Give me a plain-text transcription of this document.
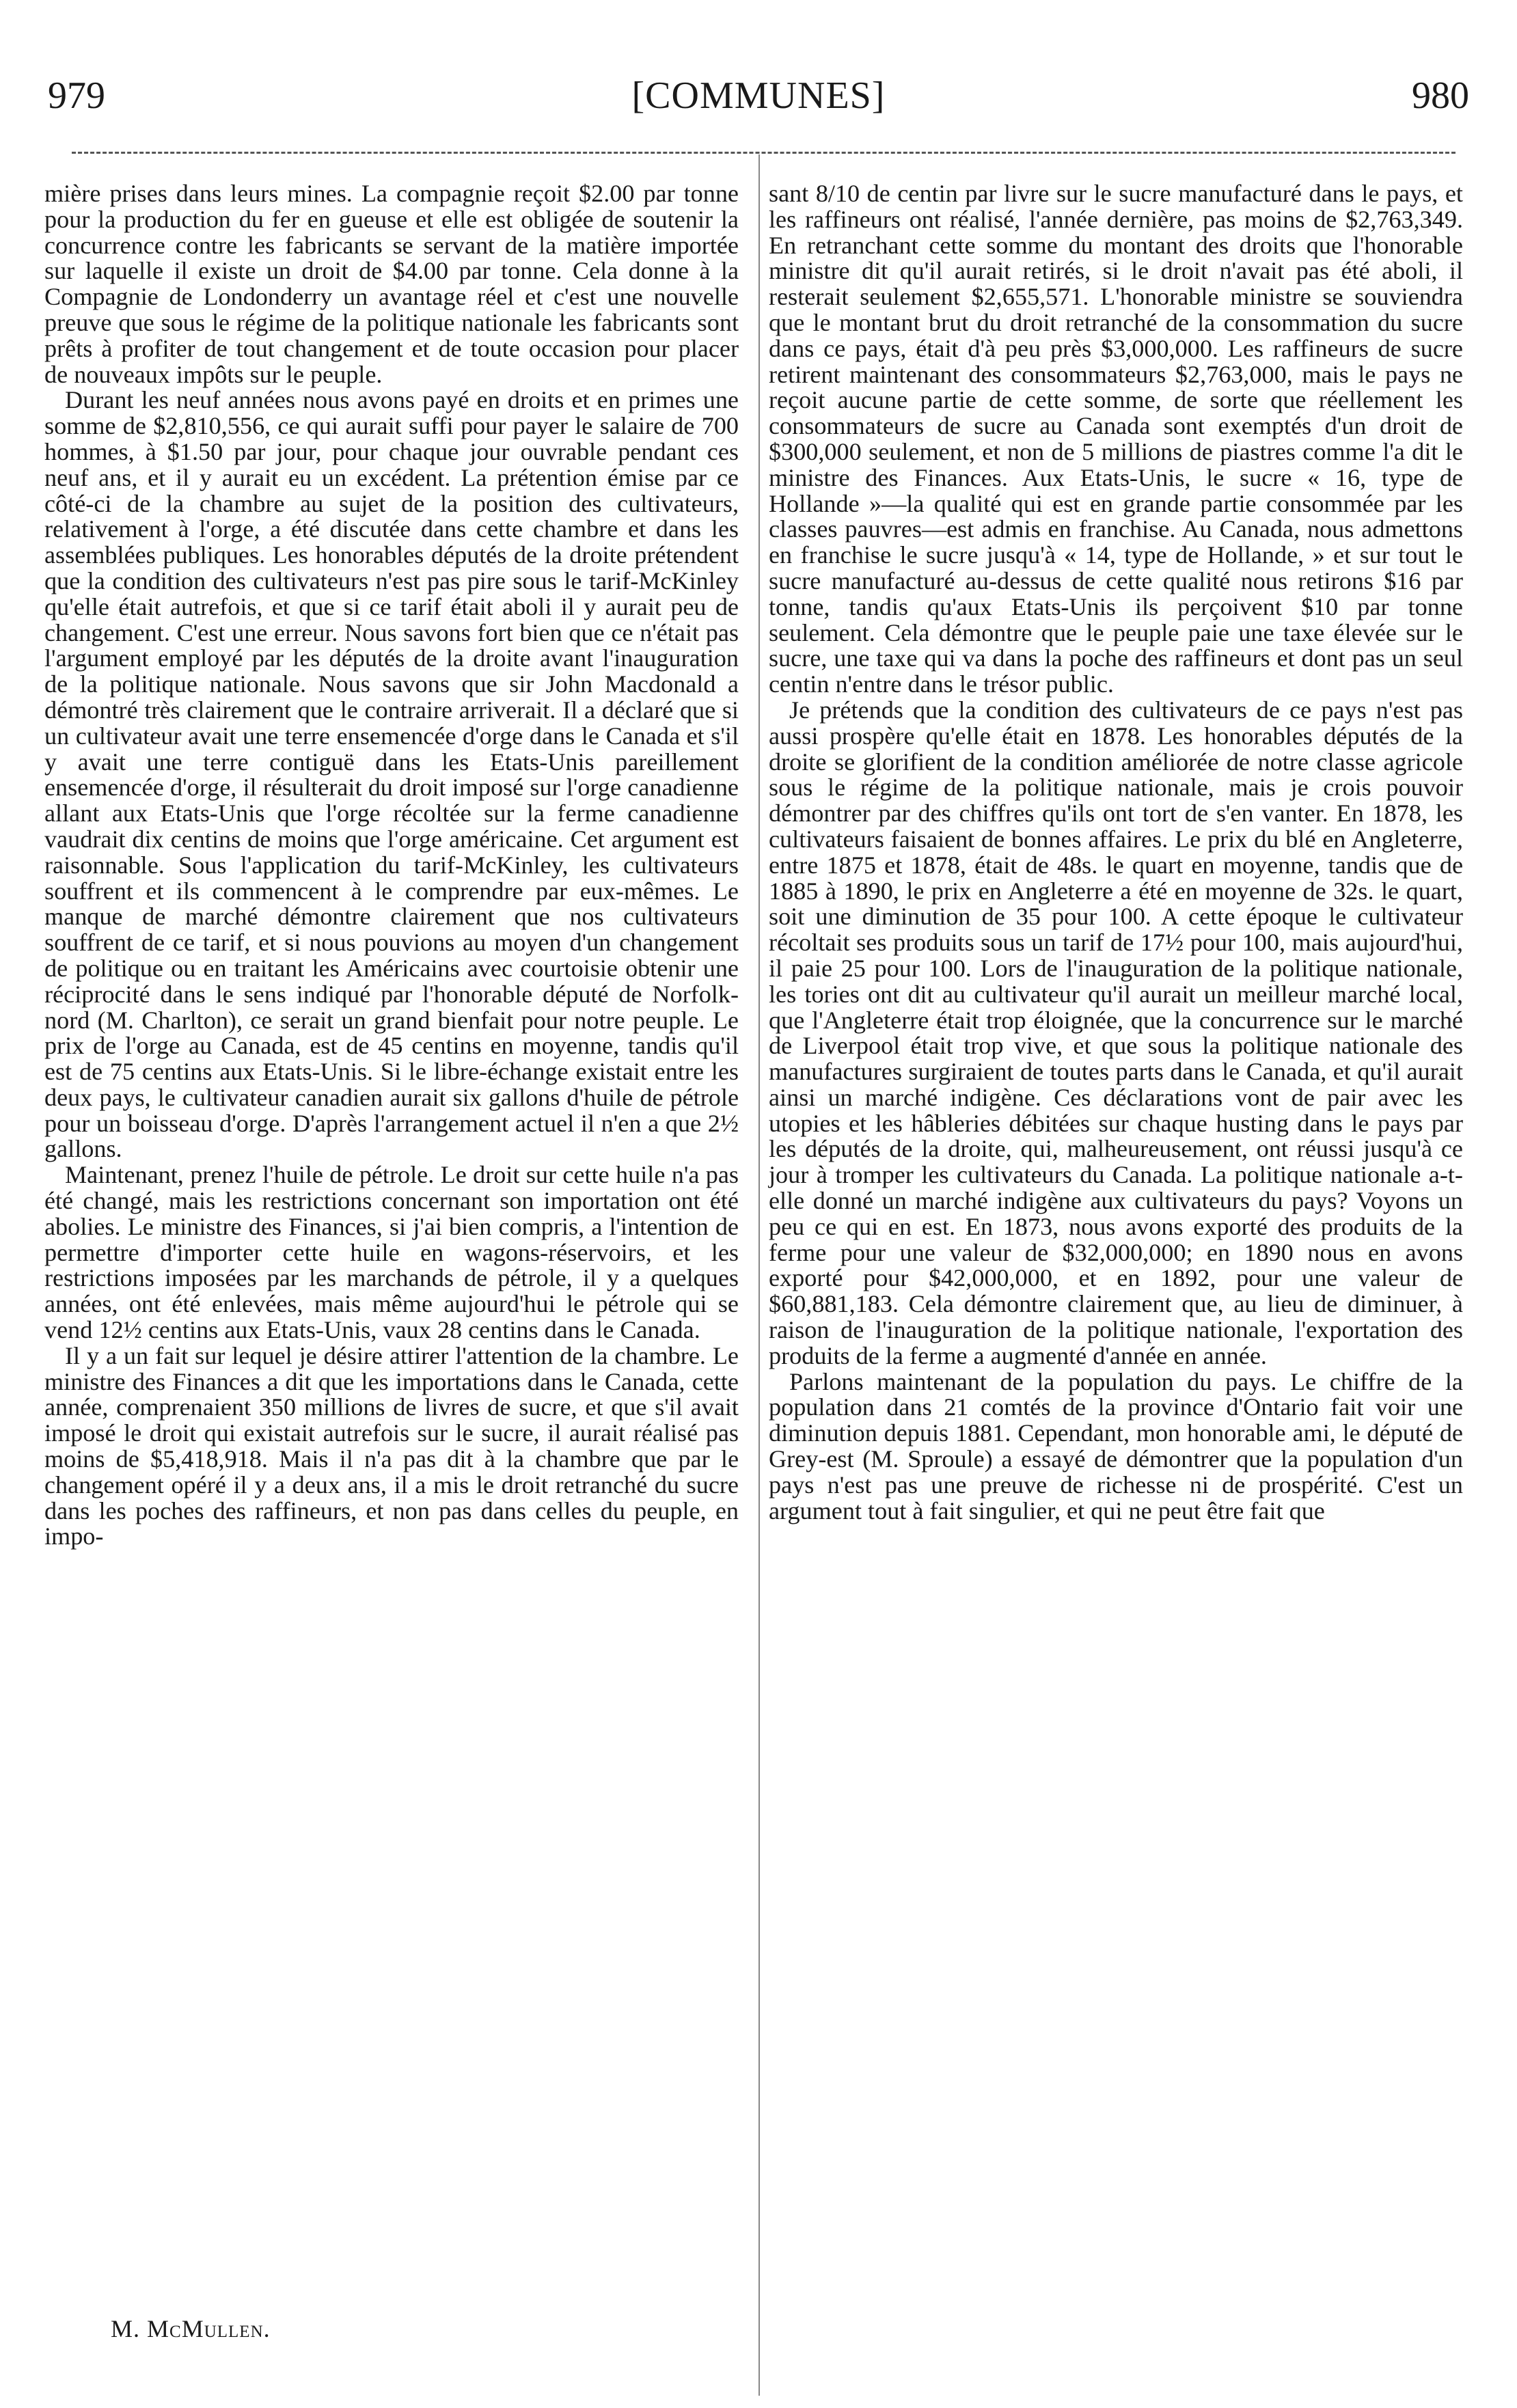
979	[COMMUNES]	980

mière prises dans leurs mines. La compagnie reçoit $2.00 par tonne pour la production du fer en gueuse et elle est obligée de soutenir la concurrence contre les fabricants se servant de la matière importée sur laquelle il existe un droit de $4.00 par tonne. Cela donne à la Compagnie de Londonderry un avantage réel et c'est une nouvelle preuve que sous le régime de la politique nationale les fabricants sont prêts à profiter de tout changement et de toute occasion pour placer de nouveaux impôts sur le peuple.

Durant les neuf années nous avons payé en droits et en primes une somme de $2,810,556, ce qui aurait suffi pour payer le salaire de 700 hommes, à $1.50 par jour, pour chaque jour ouvrable pendant ces neuf ans, et il y aurait eu un excédent. La prétention émise par ce côté-ci de la chambre au sujet de la position des cultivateurs, relativement à l'orge, a été discutée dans cette chambre et dans les assemblées publiques. Les honorables députés de la droite prétendent que la condition des cultivateurs n'est pas pire sous le tarif-McKinley qu'elle était autrefois, et que si ce tarif était aboli il y aurait peu de changement. C'est une erreur. Nous savons fort bien que ce n'était pas l'argument employé par les députés de la droite avant l'inauguration de la politique nationale. Nous savons que sir John Macdonald a démontré très clairement que le contraire arriverait. Il a déclaré que si un cultivateur avait une terre ensemencée d'orge dans le Canada et s'il y avait une terre contiguë dans les Etats-Unis pareillement ensemencée d'orge, il résulterait du droit imposé sur l'orge canadienne allant aux Etats-Unis que l'orge récoltée sur la ferme canadienne vaudrait dix centins de moins que l'orge américaine. Cet argument est raisonnable. Sous l'application du tarif-McKinley, les cultivateurs souffrent et ils commencent à le comprendre par eux-mêmes. Le manque de marché démontre clairement que nos cultivateurs souffrent de ce tarif, et si nous pouvions au moyen d'un changement de politique ou en traitant les Américains avec courtoisie obtenir une réciprocité dans le sens indiqué par l'honorable député de Norfolk-nord (M. Charlton), ce serait un grand bienfait pour notre peuple. Le prix de l'orge au Canada, est de 45 centins en moyenne, tandis qu'il est de 75 centins aux Etats-Unis. Si le libre-échange existait entre les deux pays, le cultivateur canadien aurait six gallons d'huile de pétrole pour un boisseau d'orge. D'après l'arrangement actuel il n'en a que 2½ gallons.

Maintenant, prenez l'huile de pétrole. Le droit sur cette huile n'a pas été changé, mais les restrictions concernant son importation ont été abolies. Le ministre des Finances, si j'ai bien compris, a l'intention de permettre d'importer cette huile en wagons-réservoirs, et les restrictions imposées par les marchands de pétrole, il y a quelques années, ont été enlevées, mais même aujourd'hui le pétrole qui se vend 12½ centins aux Etats-Unis, vaux 28 centins dans le Canada.

Il y a un fait sur lequel je désire attirer l'attention de la chambre. Le ministre des Finances a dit que les importations dans le Canada, cette année, comprenaient 350 millions de livres de sucre, et que s'il avait imposé le droit qui existait autrefois sur le sucre, il aurait réalisé pas moins de $5,418,918. Mais il n'a pas dit à la chambre que par le changement opéré il y a deux ans, il a mis le droit retranché du sucre dans les poches des raffineurs, et non pas dans celles du peuple, en impo-

M. McMullen.

sant 8/10 de centin par livre sur le sucre manufacturé dans le pays, et les raffineurs ont réalisé, l'année dernière, pas moins de $2,763,349. En retranchant cette somme du montant des droits que l'honorable ministre dit qu'il aurait retirés, si le droit n'avait pas été aboli, il resterait seulement $2,655,571. L'honorable ministre se souviendra que le montant brut du droit retranché de la consommation du sucre dans ce pays, était d'à peu près $3,000,000. Les raffineurs de sucre retirent maintenant des consommateurs $2,763,000, mais le pays ne reçoit aucune partie de cette somme, de sorte que réellement les consommateurs de sucre au Canada sont exemptés d'un droit de $300,000 seulement, et non de 5 millions de piastres comme l'a dit le ministre des Finances. Aux Etats-Unis, le sucre « 16, type de Hollande »—la qualité qui est en grande partie consommée par les classes pauvres—est admis en franchise. Au Canada, nous admettons en franchise le sucre jusqu'à « 14, type de Hollande, » et sur tout le sucre manufacturé au-dessus de cette qualité nous retirons $16 par tonne, tandis qu'aux Etats-Unis ils perçoivent $10 par tonne seulement. Cela démontre que le peuple paie une taxe élevée sur le sucre, une taxe qui va dans la poche des raffineurs et dont pas un seul centin n'entre dans le trésor public.

Je prétends que la condition des cultivateurs de ce pays n'est pas aussi prospère qu'elle était en 1878. Les honorables députés de la droite se glorifient de la condition améliorée de notre classe agricole sous le régime de la politique nationale, mais je crois pouvoir démontrer par des chiffres qu'ils ont tort de s'en vanter. En 1878, les cultivateurs faisaient de bonnes affaires. Le prix du blé en Angleterre, entre 1875 et 1878, était de 48s. le quart en moyenne, tandis que de 1885 à 1890, le prix en Angleterre a été en moyenne de 32s. le quart, soit une diminution de 35 pour 100. A cette époque le cultivateur récoltait ses produits sous un tarif de 17½ pour 100, mais aujourd'hui, il paie 25 pour 100. Lors de l'inauguration de la politique nationale, les tories ont dit au cultivateur qu'il aurait un meilleur marché local, que l'Angleterre était trop éloignée, que la concurrence sur le marché de Liverpool était trop vive, et que sous la politique nationale des manufactures surgiraient de toutes parts dans le Canada, et qu'il aurait ainsi un marché indigène. Ces déclarations vont de pair avec les utopies et les hâbleries débitées sur chaque husting dans le pays par les députés de la droite, qui, malheureusement, ont réussi jusqu'à ce jour à tromper les cultivateurs du Canada. La politique nationale a-t-elle donné un marché indigène aux cultivateurs du pays? Voyons un peu ce qui en est. En 1873, nous avons exporté des produits de la ferme pour une valeur de $32,000,000; en 1890 nous en avons exporté pour $42,000,000, et en 1892, pour une valeur de $60,881,183. Cela démontre clairement que, au lieu de diminuer, à raison de l'inauguration de la politique nationale, l'exportation des produits de la ferme a augmenté d'année en année.

Parlons maintenant de la population du pays. Le chiffre de la population dans 21 comtés de la province d'Ontario fait voir une diminution depuis 1881. Cependant, mon honorable ami, le député de Grey-est (M. Sproule) a essayé de démontrer que la population d'un pays n'est pas une preuve de richesse ni de prospérité. C'est un argument tout à fait singulier, et qui ne peut être fait que
